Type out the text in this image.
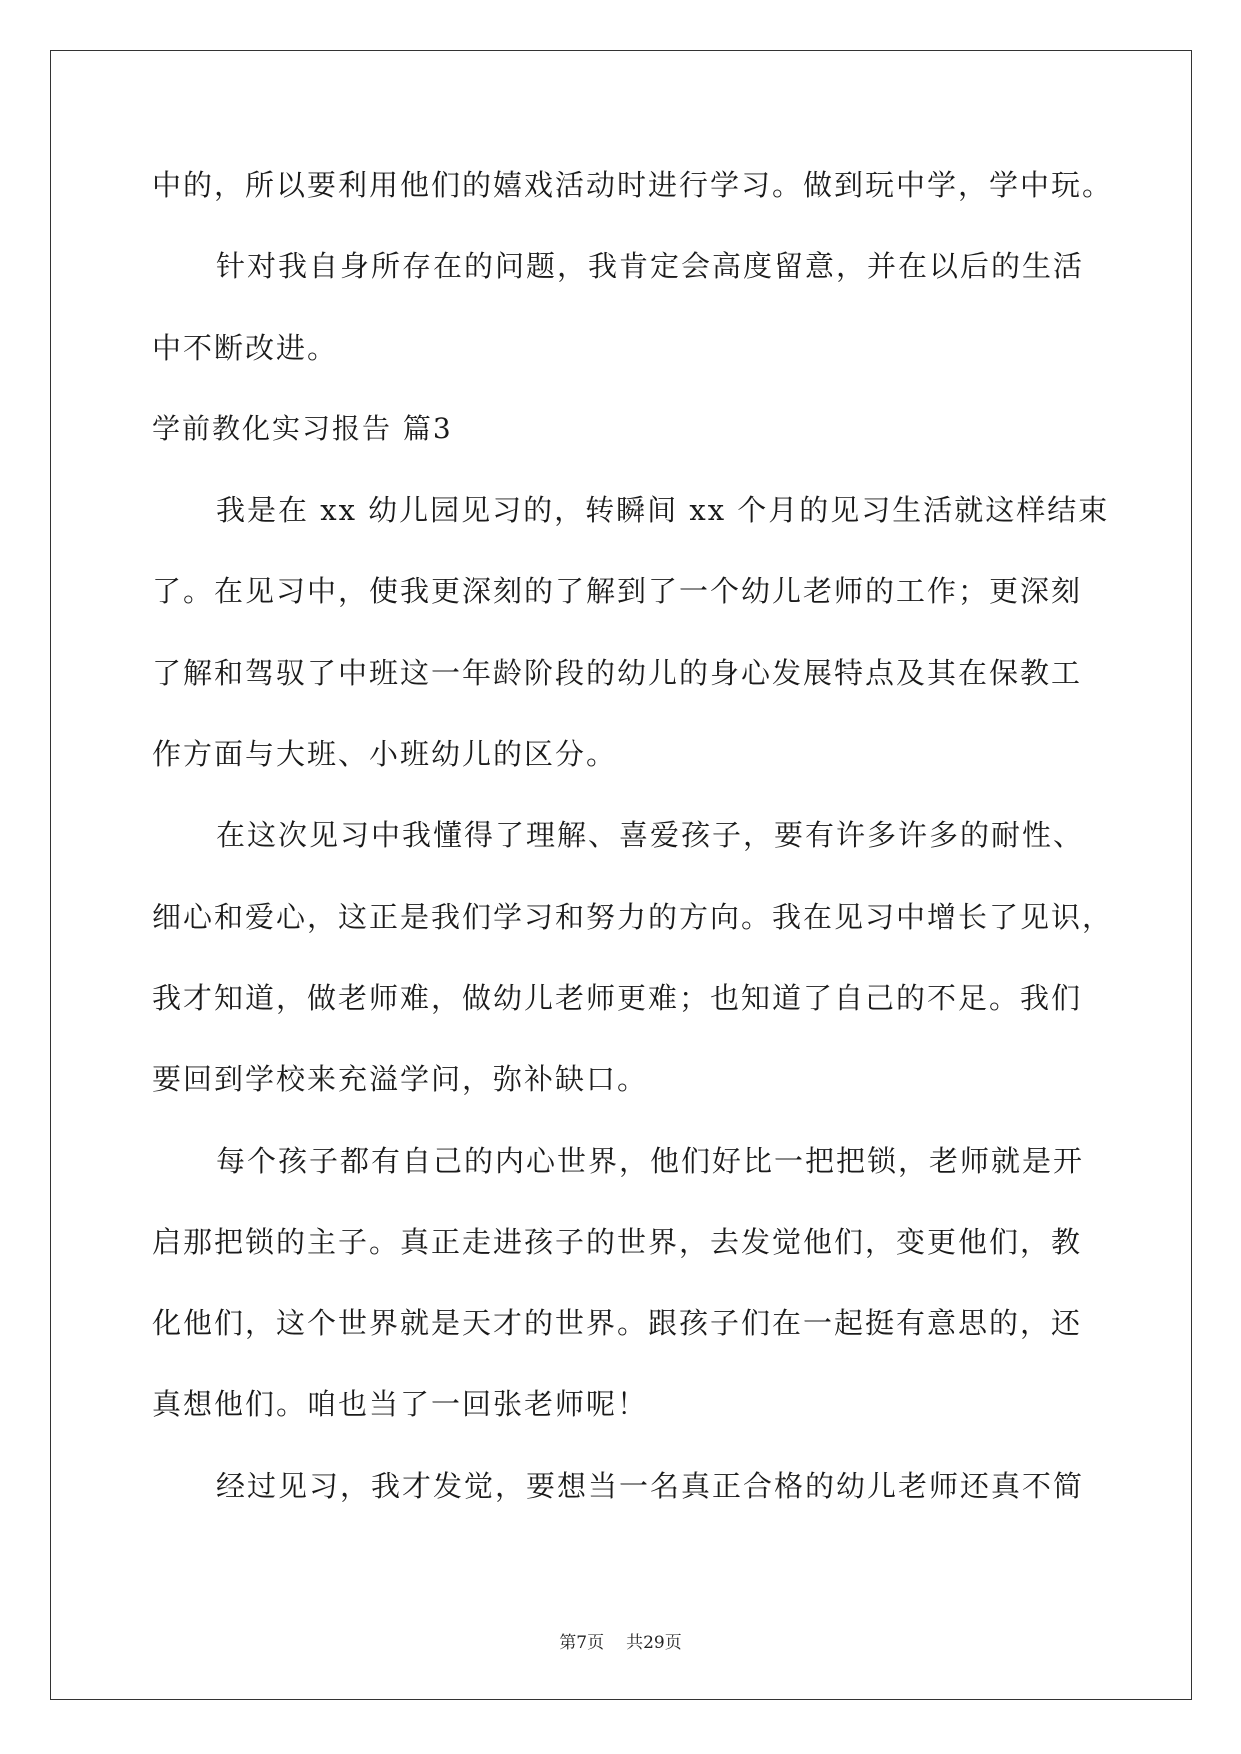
中的，所以要利用他们的嬉戏活动时进行学习。做到玩中学，学中玩。
针对我自身所存在的问题，我肯定会高度留意，并在以后的生活
中不断改进。
学前教化实习报告 篇3
我是在 xx 幼儿园见习的，转瞬间 xx 个月的见习生活就这样结束
了。在见习中，使我更深刻的了解到了一个幼儿老师的工作；更深刻
了解和驾驭了中班这一年龄阶段的幼儿的身心发展特点及其在保教工
作方面与大班、小班幼儿的区分。
在这次见习中我懂得了理解、喜爱孩子，要有许多许多的耐性、
细心和爱心，这正是我们学习和努力的方向。我在见习中增长了见识，
我才知道，做老师难，做幼儿老师更难；也知道了自己的不足。我们
要回到学校来充溢学问，弥补缺口。
每个孩子都有自己的内心世界，他们好比一把把锁，老师就是开
启那把锁的主子。真正走进孩子的世界，去发觉他们，变更他们，教
化他们，这个世界就是天才的世界。跟孩子们在一起挺有意思的，还
真想他们。咱也当了一回张老师呢！
经过见习，我才发觉，要想当一名真正合格的幼儿老师还真不简
第7页 共29页
